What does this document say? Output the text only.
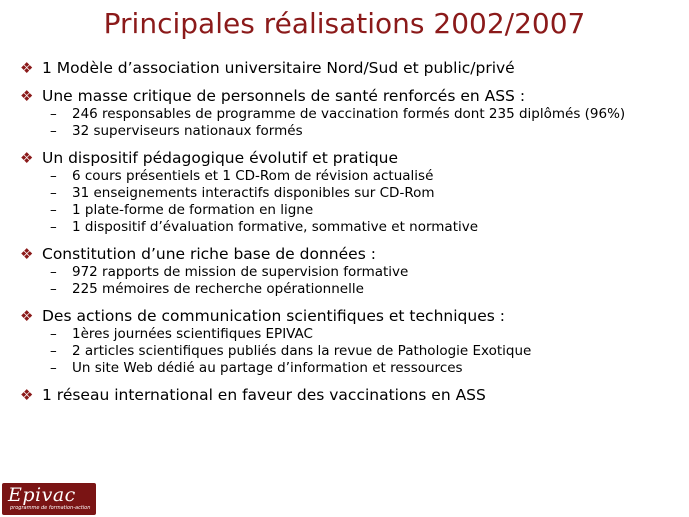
Principales réalisations 2002/2007
❖ 1 Modèle d’association universitaire Nord/Sud et public/privé
❖ Une masse critique de personnels de santé renforcés en ASS :
– 246 responsables de programme de vaccination formés dont 235 diplômés (96%)
– 32 superviseurs nationaux formés
❖ Un dispositif pédagogique évolutif et pratique
– 6 cours présentiels et 1 CD-Rom de révision actualisé
– 31 enseignements interactifs disponibles sur CD-Rom
– 1 plate-forme de formation en ligne
– 1 dispositif d’évaluation formative, sommative et normative
❖ Constitution d’une riche base de données :
– 972 rapports de mission de supervision formative
– 225 mémoires de recherche opérationnelle
❖ Des actions de communication scientifiques et techniques :
– 1ères journées scientifiques EPIVAC
– 2 articles scientifiques publiés dans la revue de Pathologie Exotique
– Un site Web dédié au partage d’information et ressources
❖ 1 réseau international en faveur des vaccinations en ASS
Epivac
programme de formation-action
